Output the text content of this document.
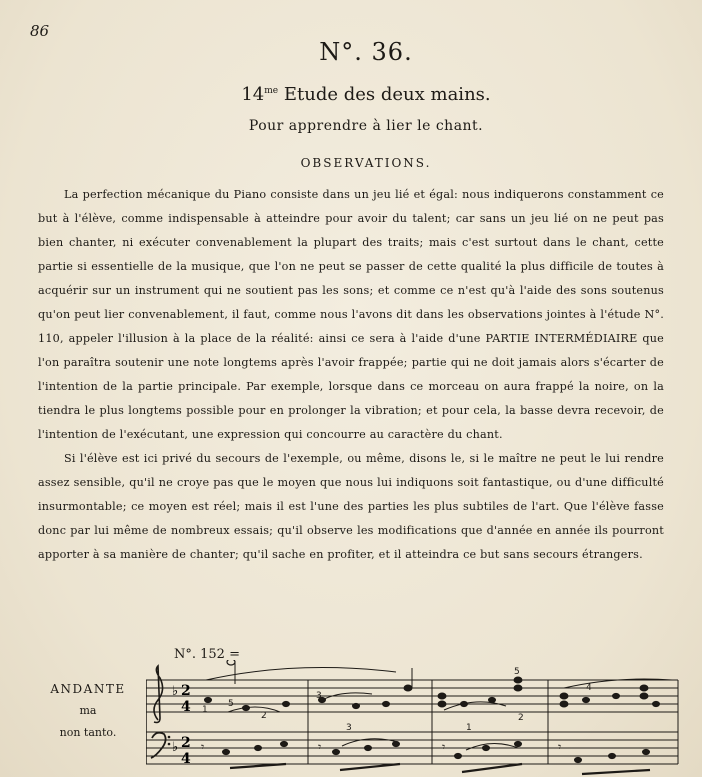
86
N°. 36.
$14^{me}$ Etude des deux mains.
Pour apprendre à lier le chant.
OBSERVATIONS.

La perfection mécanique du Piano consiste dans un jeu lié et égal: nous indiquerons constamment ce but à l'élève, comme indispensable à atteindre pour avoir du talent; car sans un jeu lié on ne peut pas bien chanter, ni exécuter convenablement la plupart des traits; mais c'est surtout dans le chant, cette partie si essentielle de la musique, que l'on ne peut se passer de cette qualité la plus difficile de toutes à acquérir sur un instrument qui ne soutient pas les sons; et comme ce n'est qu'à l'aide des sons soutenus qu'on peut lier convenablement, il faut, comme nous l'avons dit dans les observations jointes à l'étude N°. 110, appeler l'illusion à la place de la réalité: ainsi ce sera à l'aide d'une PARTIE INTERMÉDIAIRE que l'on paraîtra soutenir une note longtems après l'avoir frappée; partie qui ne doit jamais alors s'écarter de l'intention de la partie principale. Par exemple, lorsque dans ce morceau on aura frappé la noire, on la tiendra le plus longtems possible pour en prolonger la vibration; et pour cela, la basse devra recevoir, de l'intention de l'exécutant, une expression qui concourre au caractère du chant.

Si l'élève est ici privé du secours de l'exemple, ou même, disons le, si le maître ne peut le lui rendre assez sensible, qu'il ne croye pas que le moyen que nous lui indiquons soit fantastique, ou d'une difficulté insurmontable; ce moyen est réel; mais il est l'une des parties les plus subtiles de l'art. Que l'élève fasse donc par lui même de nombreux essais; qu'il observe les modifications que d'année en année ils pourront apporter à sa manière de chanter; qu'il sache en profiter, et il atteindra ce but sans secours étrangers.

ANDANTE
ma
non tanto.
N°. 152 =
♭
♭
2
4
2
4
𝄾	𝄾	𝄾	𝄾
1
2
3
5
1
2
3
4
5
